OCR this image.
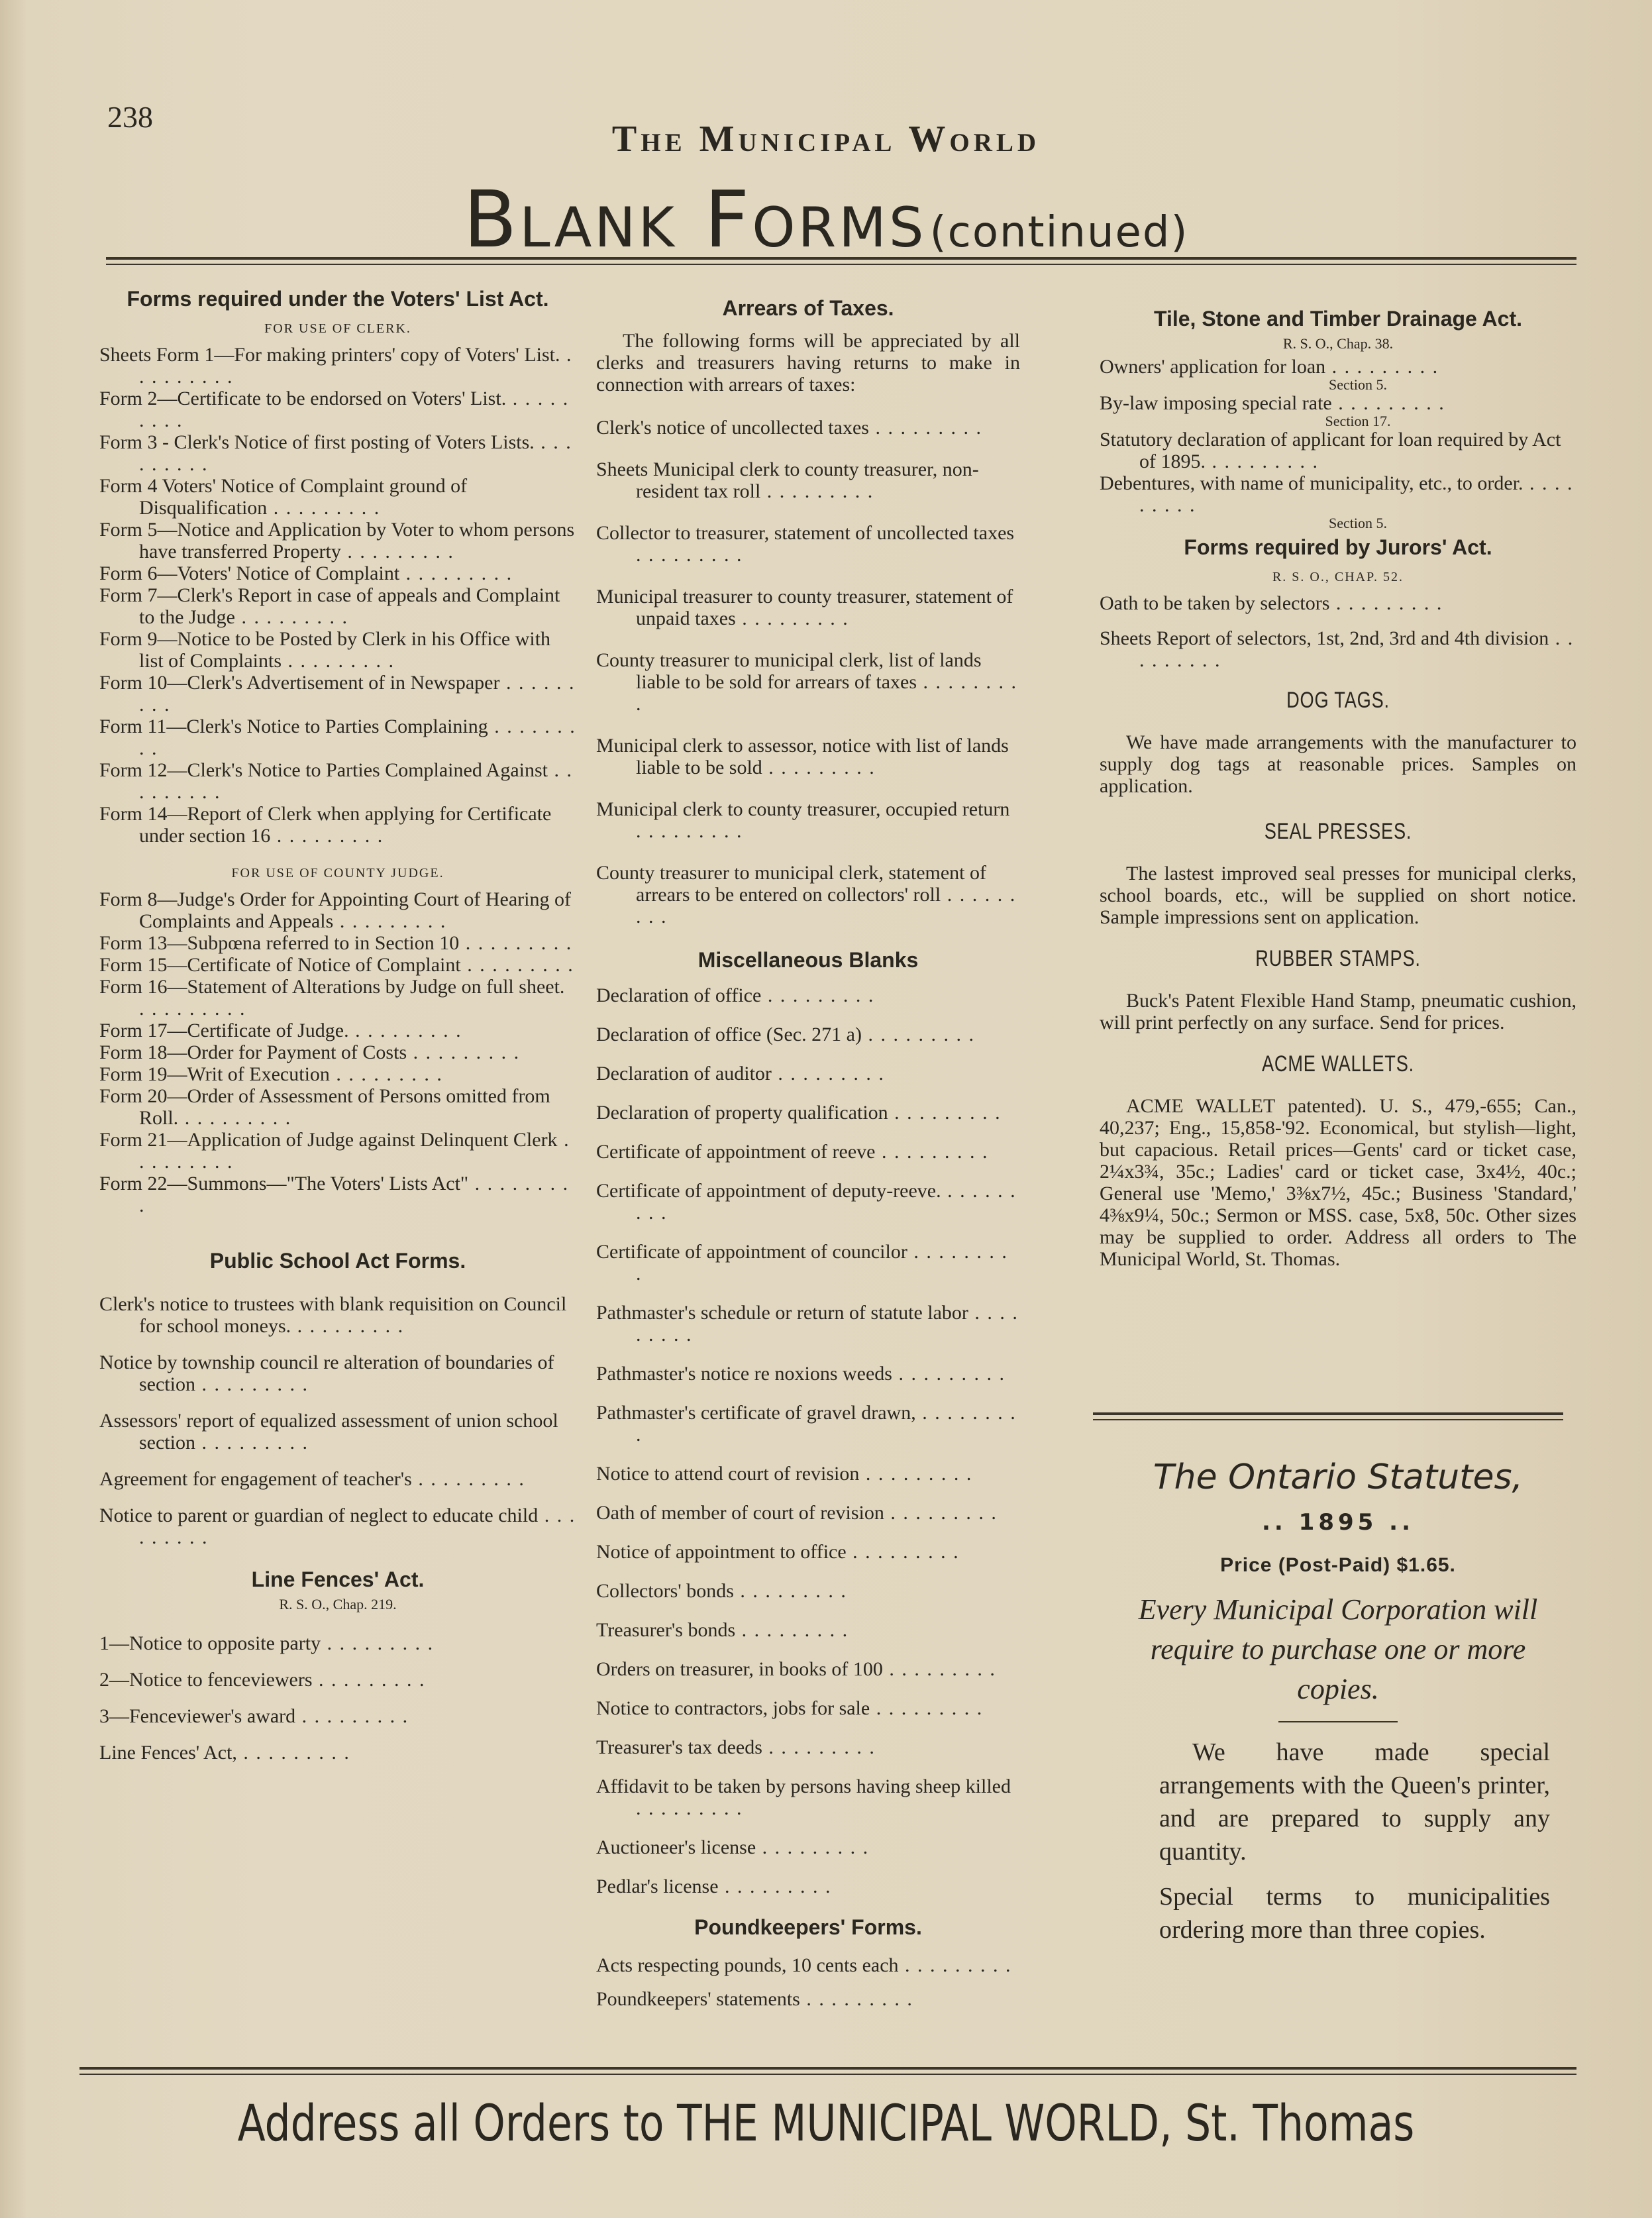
238
The Municipal World
Blank Forms (continued)
Forms required under the Voters' List Act.
FOR USE OF CLERK.

Sheets Form 1—For making printers' copy of Voters' List. . . .

Form 2—Certificate to be endorsed on Voters' List. . . .

Form 3 - Clerk's Notice of first posting of Voters Lists. . . .

Form 4 Voters' Notice of Complaint ground of Disqualification . . .

Form 5—Notice and Application by Voter to whom persons have transferred Property . . .

Form 6—Voters' Notice of Complaint . . .

Form 7—Clerk's Report in case of appeals and Complaint to the Judge . . .

Form 9—Notice to be Posted by Clerk in his Office with list of Complaints . . .

Form 10—Clerk's Advertisement of in Newspaper . . .

Form 11—Clerk's Notice to Parties Complaining . . .

Form 12—Clerk's Notice to Parties Complained Against . . .

Form 14—Report of Clerk when applying for Certificate under section 16 . . .

FOR USE OF COUNTY JUDGE.

Form 8—Judge's Order for Appointing Court of Hearing of Complaints and Appeals . . .

Form 13—Subpœna referred to in Section 10 . . .

Form 15—Certificate of Notice of Complaint . . .

Form 16—Statement of Alterations by Judge on full sheet. . . .

Form 17—Certificate of Judge. . . .

Form 18—Order for Payment of Costs . . .

Form 19—Writ of Execution . . .

Form 20—Order of Assessment of Persons omitted from Roll. . . .

Form 21—Application of Judge against Delinquent Clerk . . .

Form 22—Summons—"The Voters' Lists Act" . . .

Public School Act Forms.

Clerk's notice to trustees with blank requisition on Council for school moneys. . . .

Notice by township council re alteration of boundaries of section . . .

Assessors' report of equalized assessment of union school section . . .

Agreement for engagement of teacher's . . .

Notice to parent or guardian of neglect to educate child . . .

Line Fences' Act.
R. S. O., Chap. 219.

1—Notice to opposite party . . .

2—Notice to fenceviewers . . .

3—Fenceviewer's award . . .

Line Fences' Act, . . .

Arrears of Taxes.

The following forms will be appreciated by all clerks and treasurers having returns to make in connection with arrears of taxes:

Clerk's notice of uncollected taxes . . .

Sheets Municipal clerk to county treasurer, non-resident tax roll . . .

Collector to treasurer, statement of uncollected taxes . . .

Municipal treasurer to county treasurer, statement of unpaid taxes . . .

County treasurer to municipal clerk, list of lands liable to be sold for arrears of taxes . . .

Municipal clerk to assessor, notice with list of lands liable to be sold . . .

Municipal clerk to county treasurer, occupied return . . .

County treasurer to municipal clerk, statement of arrears to be entered on collectors' roll . . .

Miscellaneous Blanks

Declaration of office . . .

Declaration of office (Sec. 271 a) . . .

Declaration of auditor . . .

Declaration of property qualification . . .

Certificate of appointment of reeve . . .

Certificate of appointment of deputy-reeve. . . .

Certificate of appointment of councilor . . .

Pathmaster's schedule or return of statute labor . . .

Pathmaster's notice re noxions weeds . . .

Pathmaster's certificate of gravel drawn, . . .

Notice to attend court of revision . . .

Oath of member of court of revision . . .

Notice of appointment to office . . .

Collectors' bonds . . .

Treasurer's bonds . . .

Orders on treasurer, in books of 100 . . .

Notice to contractors, jobs for sale . . .

Treasurer's tax deeds . . .

Affidavit to be taken by persons having sheep killed . . .

Auctioneer's license . . .

Pedlar's license . . .

Poundkeepers' Forms.

Acts respecting pounds, 10 cents each . . .

Poundkeepers' statements . . .

Tile, Stone and Timber Drainage Act.
R. S. O., Chap. 38.

Owners' application for loan . . .

Section 5.

By-law imposing special rate . . .

Section 17.

Statutory declaration of applicant for loan required by Act of 1895. . . .

Debentures, with name of municipality, etc., to order. . . .

Section 5.

Forms required by Jurors' Act.
R. S. O., CHAP. 52.

Oath to be taken by selectors . . .

Sheets Report of selectors, 1st, 2nd, 3rd and 4th division . . .

DOG TAGS.

We have made arrangements with the manufacturer to supply dog tags at reasonable prices. Samples on application.

SEAL PRESSES.

The lastest improved seal presses for municipal clerks, school boards, etc., will be supplied on short notice. Sample impressions sent on application.

RUBBER STAMPS.

Buck's Patent Flexible Hand Stamp, pneumatic cushion, will print perfectly on any surface. Send for prices.

ACME WALLETS.

ACME WALLET patented). U. S., 479,-655; Can., 40,237; Eng., 15,858-'92. Economical, but stylish—light, but capacious. Retail prices—Gents' card or ticket case, 2¼x3¾, 35c.; Ladies' card or ticket case, 3x4½, 40c.; General use 'Memo,' 3⅜x7½, 45c.; Business 'Standard,' 4⅜x9¼, 50c.; Sermon or MSS. case, 5x8, 50c. Other sizes may be supplied to order. Address all orders to The Municipal World, St. Thomas.

The Ontario Statutes,
.. 1895 ..
Price (Post-Paid) $1.65.
Every Municipal Corporation will require to purchase one or more copies.

We have made special arrangements with the Queen's printer, and are prepared to supply any quantity.

Special terms to municipalities ordering more than three copies.

Address all Orders to THE MUNICIPAL WORLD, St. Thomas
